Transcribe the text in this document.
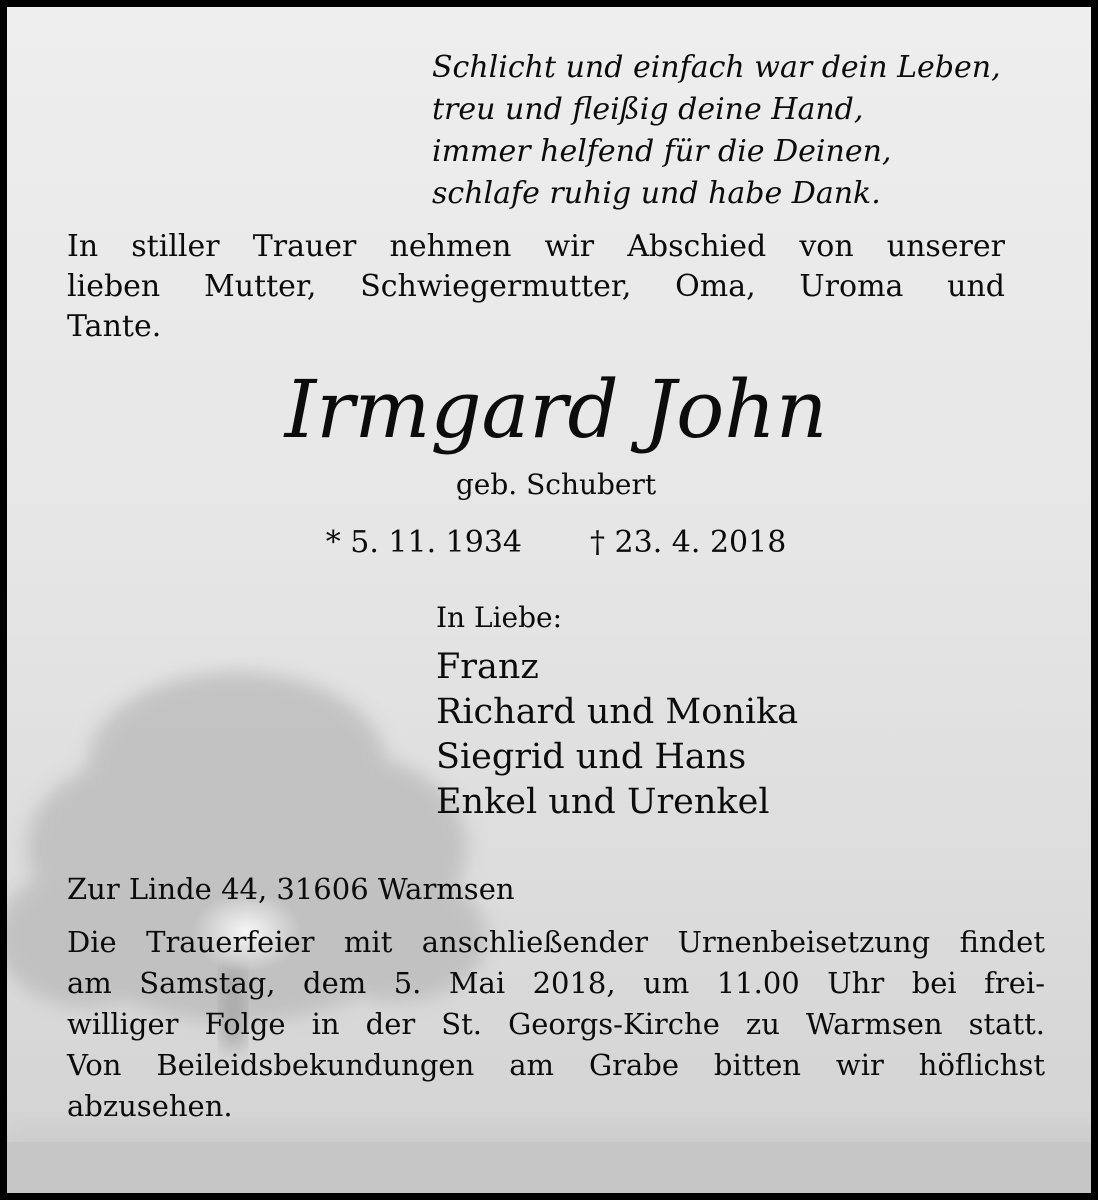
Schlicht und einfach war dein Leben,
treu und fleißig deine Hand,
immer helfend für die Deinen,
schlafe ruhig und habe Dank.
In stiller Trauer nehmen wir Abschied von unserer
lieben Mutter, Schwiegermutter, Oma, Uroma und
Tante.
Irmgard John
geb. Schubert
* 5. 11. 1934 † 23. 4. 2018
In Liebe:
Franz
Richard und Monika
Siegrid und Hans
Enkel und Urenkel
Zur Linde 44, 31606 Warmsen
Die Trauerfeier mit anschließender Urnenbeisetzung findet
am Samstag, dem 5. Mai 2018, um 11.00 Uhr bei frei-
williger Folge in der St. Georgs-Kirche zu Warmsen statt.
Von Beileidsbekundungen am Grabe bitten wir höflichst
abzusehen.
